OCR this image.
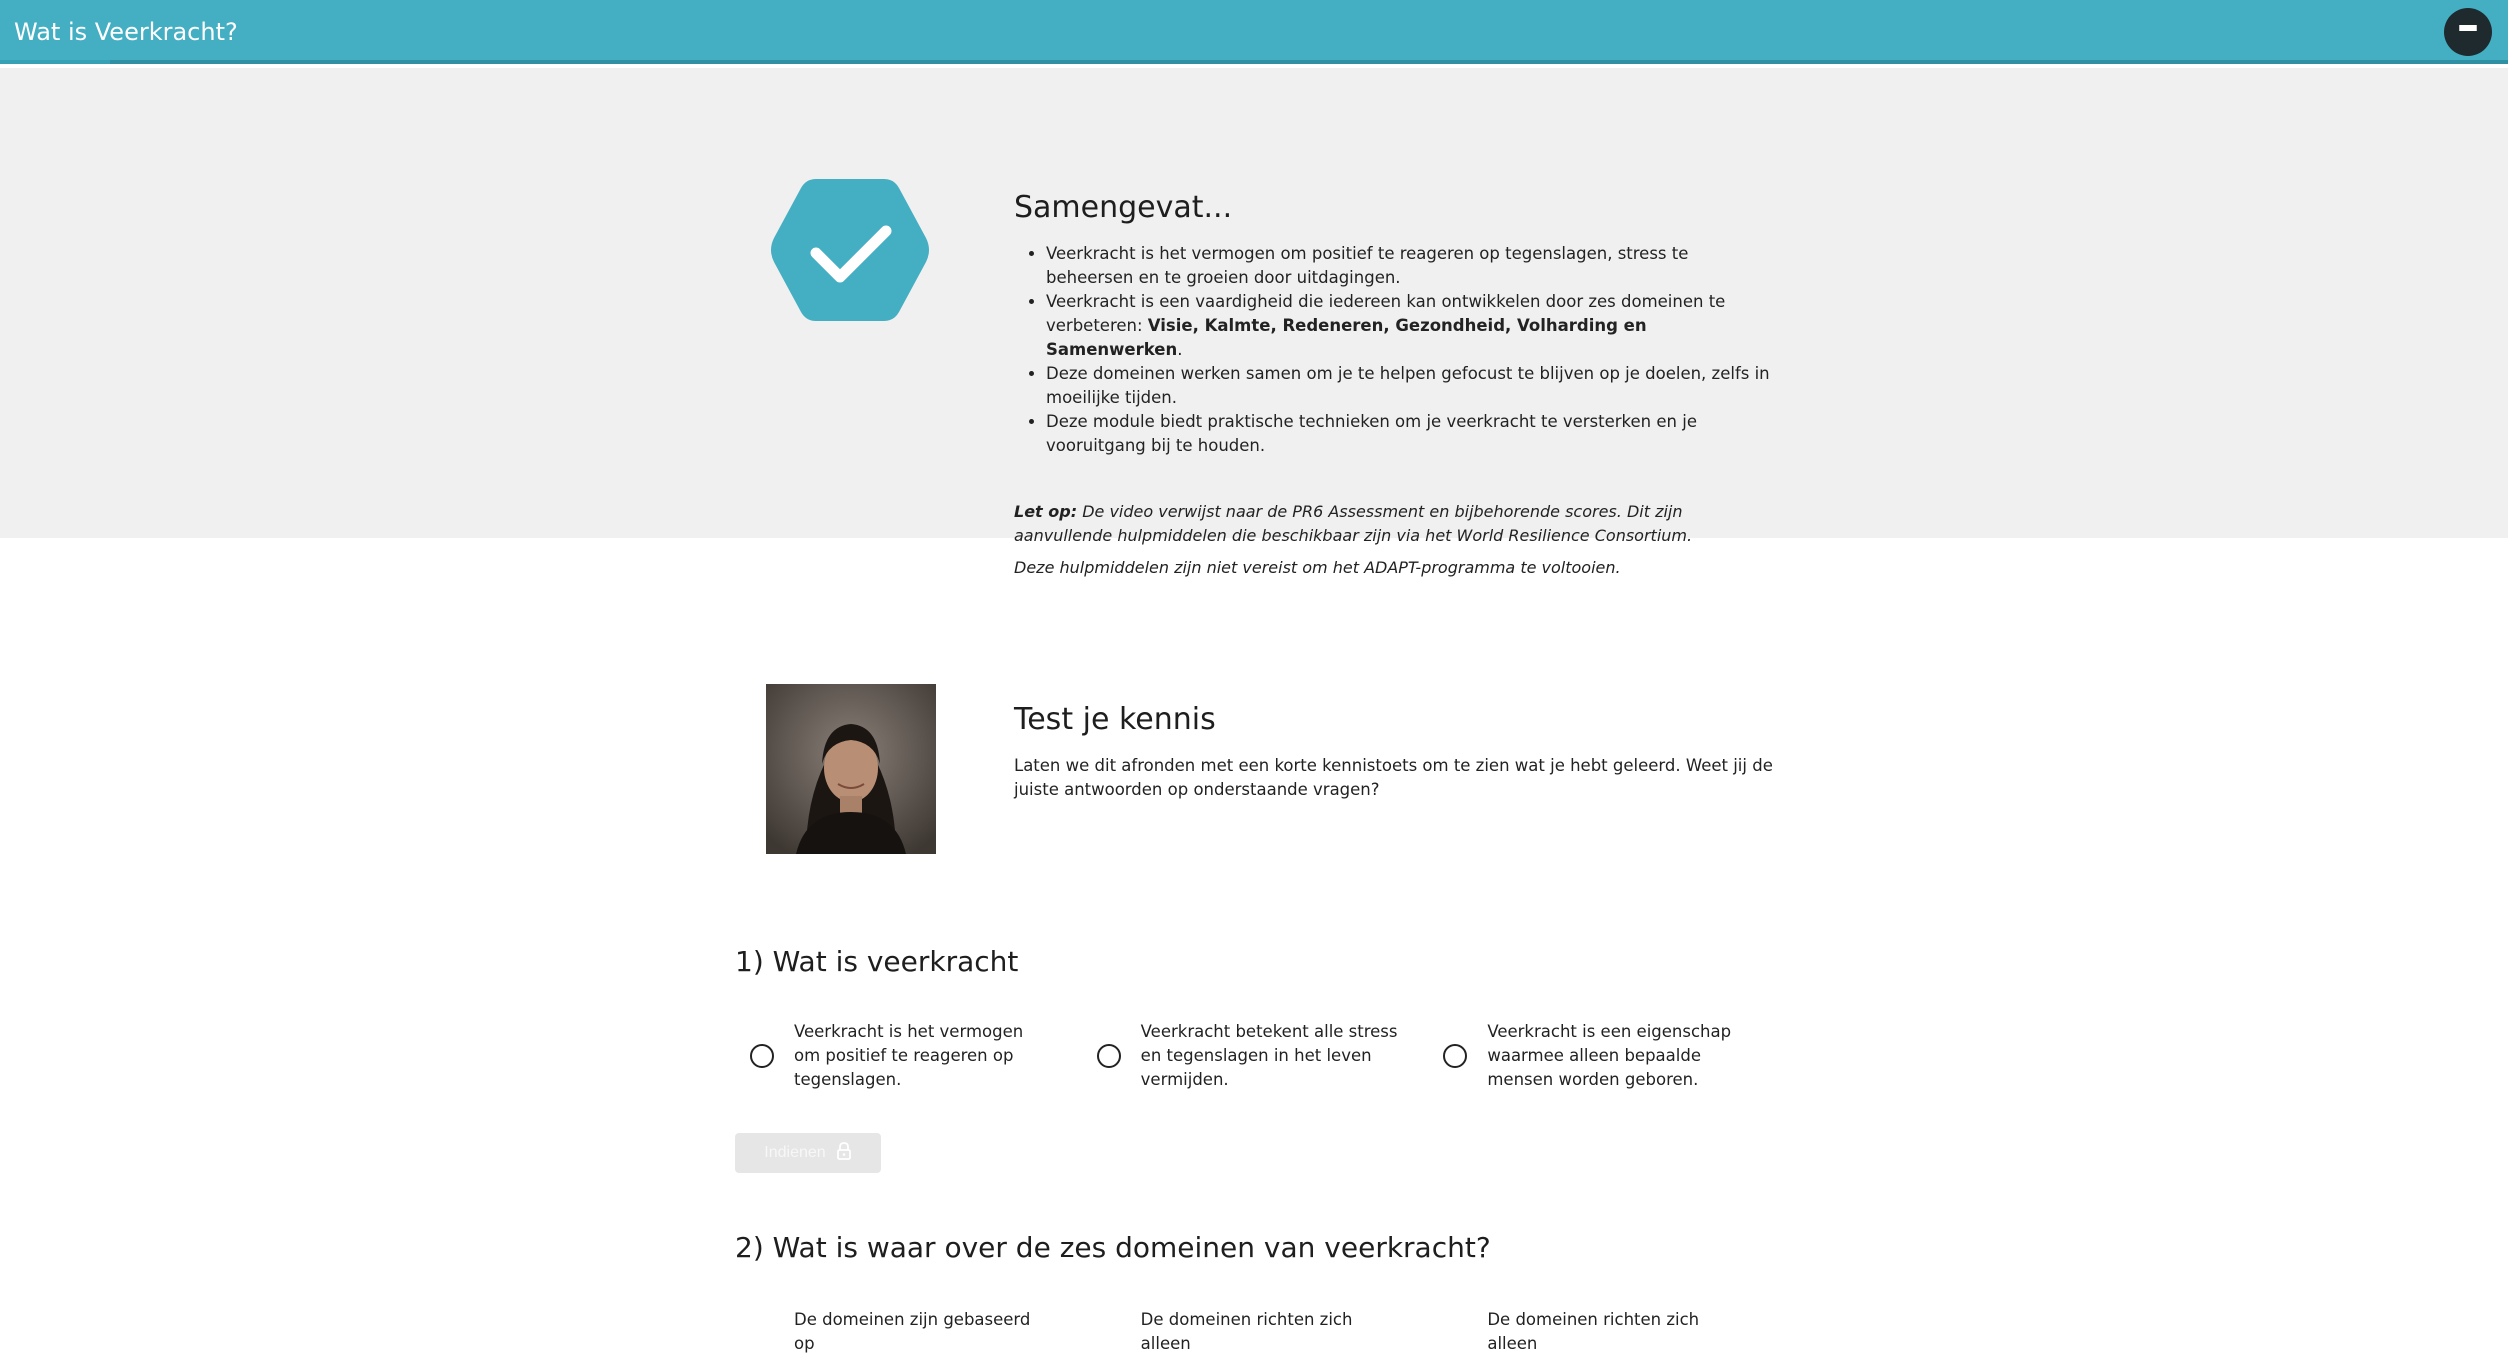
Wat is Veerkracht?
Samengevat...
• Veerkracht is het vermogen om positief te reageren op tegenslagen, stress te beheersen en te groeien door uitdagingen.
• Veerkracht is een vaardigheid die iedereen kan ontwikkelen door zes domeinen te verbeteren: Visie, Kalmte, Redeneren, Gezondheid, Volharding en Samenwerken.
• Deze domeinen werken samen om je te helpen gefocust te blijven op je doelen, zelfs in moeilijke tijden.
• Deze module biedt praktische technieken om je veerkracht te versterken en je vooruitgang bij te houden.

Let op: De video verwijst naar de PR6 Assessment en bijbehorende scores. Dit zijn aanvullende hulpmiddelen die beschikbaar zijn via het World Resilience Consortium.

Deze hulpmiddelen zijn niet vereist om het ADAPT-programma te voltooien.

Test je kennis

Laten we dit afronden met een korte kennistoets om te zien wat je hebt geleerd. Weet jij de juiste antwoorden op onderstaande vragen?

1) Wat is veerkracht
Veerkracht is het vermogen om positief te reageren op tegenslagen.
Veerkracht betekent alle stress en tegenslagen in het leven vermijden.
Veerkracht is een eigenschap waarmee alleen bepaalde mensen worden geboren.
Indienen
2) Wat is waar over de zes domeinen van veerkracht?
De domeinen zijn gebaseerd op
De domeinen richten zich alleen
De domeinen richten zich alleen
